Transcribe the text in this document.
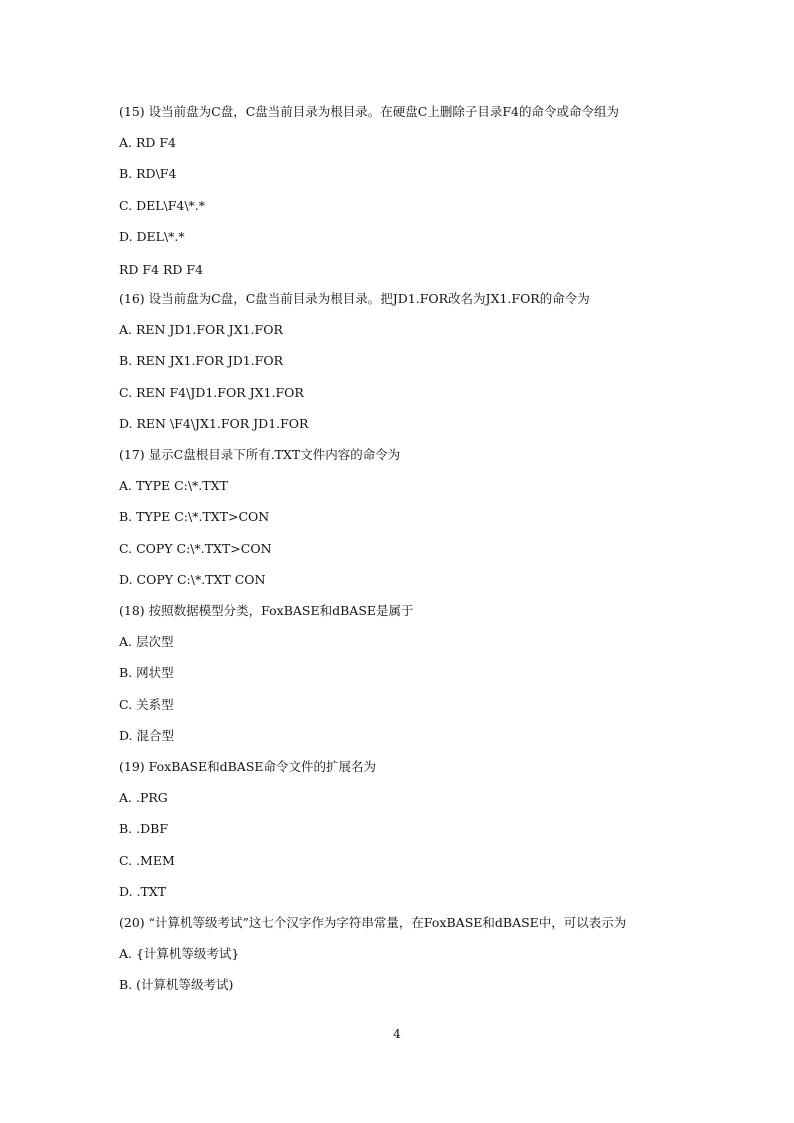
(15) 设当前盘为C盘，C盘当前目录为根目录。在硬盘C上删除子目录F4的命令或命令组为
A. RD F4
B. RD\F4
C. DEL\F4\*.*
D. DEL\*.*
RD F4 RD F4
(16) 设当前盘为C盘，C盘当前目录为根目录。把JD1.FOR改名为JX1.FOR的命令为
A. REN JD1.FOR JX1.FOR
B. REN JX1.FOR JD1.FOR
C. REN F4\JD1.FOR JX1.FOR
D. REN \F4\JX1.FOR JD1.FOR
(17) 显示C盘根目录下所有.TXT文件内容的命令为
A. TYPE C:\*.TXT
B. TYPE C:\*.TXT>CON
C. COPY C:\*.TXT>CON
D. COPY C:\*.TXT CON
(18) 按照数据模型分类，FoxBASE和dBASE是属于
A. 层次型
B. 网状型
C. 关系型
D. 混合型
(19) FoxBASE和dBASE命令文件的扩展名为
A. .PRG
B. .DBF
C. .MEM
D. .TXT
(20) “计算机等级考试”这七个汉字作为字符串常量，在FoxBASE和dBASE中，可以表示为
A. {计算机等级考试}
B. (计算机等级考试)
4
